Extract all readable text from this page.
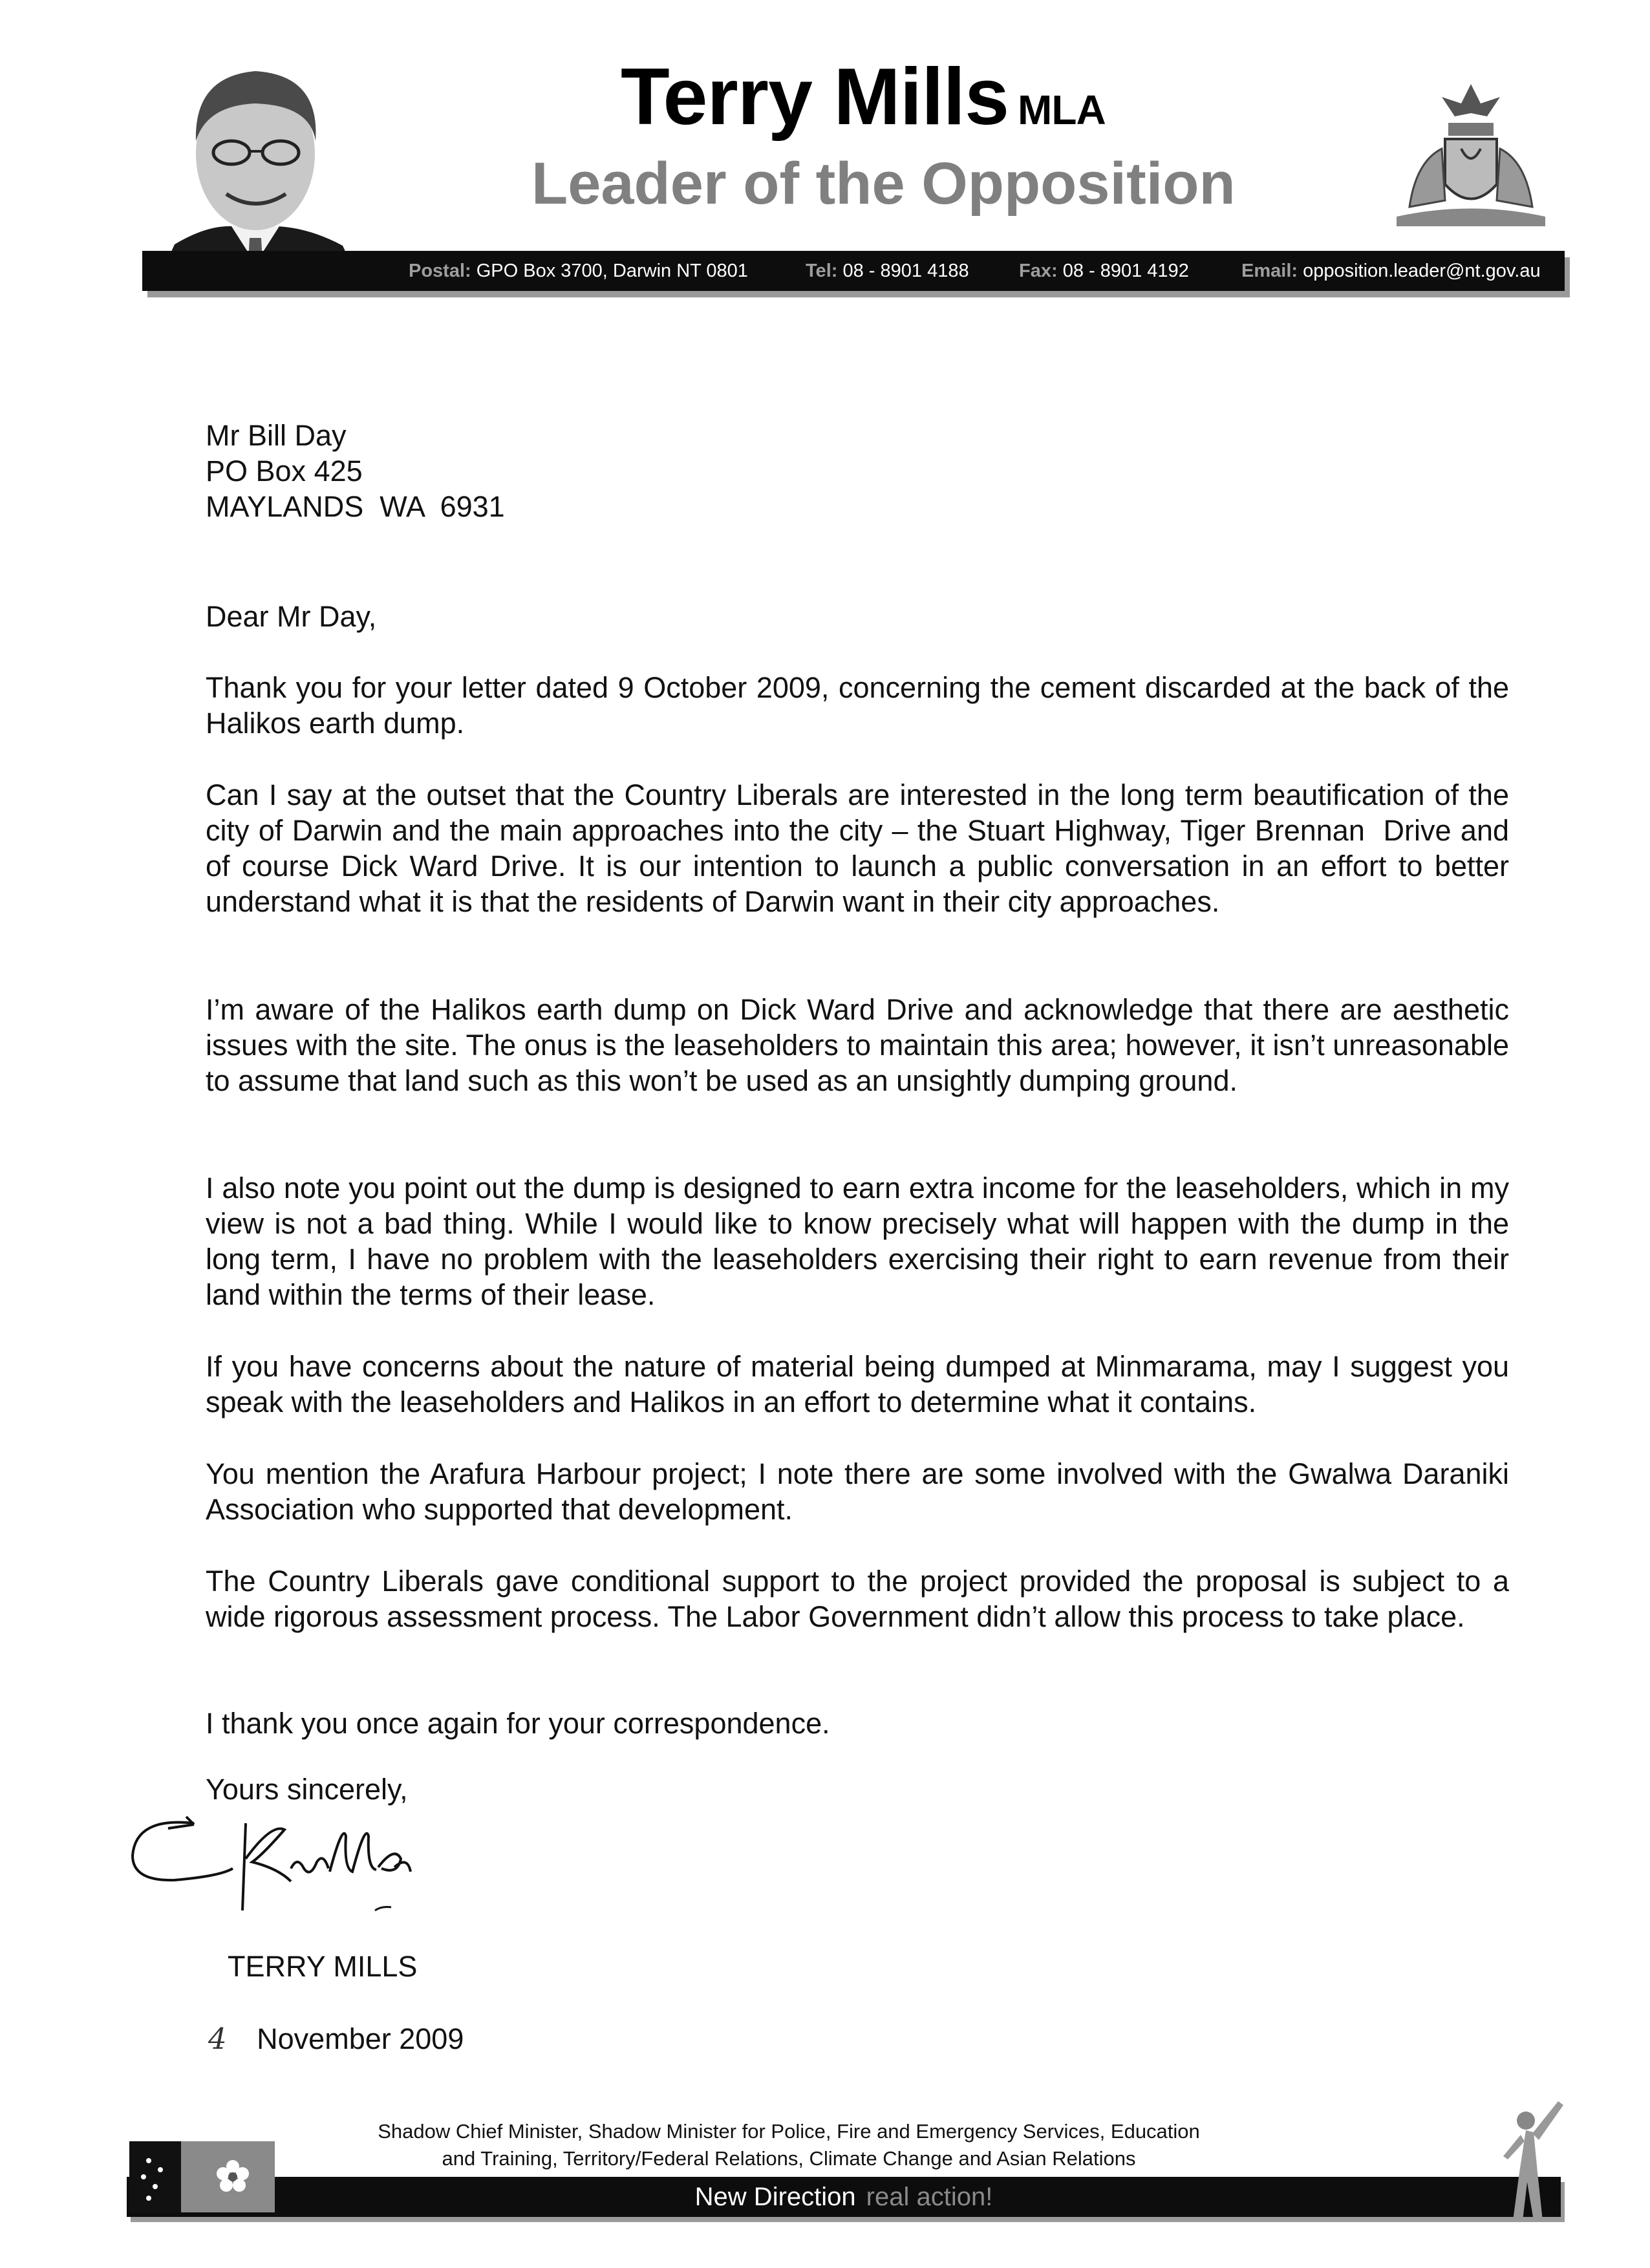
Terry Mills MLA
Leader of the Opposition
Postal: GPO Box 3700, Darwin NT 0801	Tel: 08 - 8901 4188	Fax: 08 - 8901 4192	Email: opposition.leader@nt.gov.au
Mr Bill Day
PO Box 425
MAYLANDS  WA  6931

Dear Mr Day,

Thank you for your letter dated 9 October 2009, concerning the cement discarded at the back of the Halikos earth dump.

Can I say at the outset that the Country Liberals are interested in the long term beautification of the city of Darwin and the main approaches into the city – the Stuart Highway, Tiger Brennan  Drive and of course Dick Ward Drive. It is our intention to launch a public conversation in an effort to better understand what it is that the residents of Darwin want in their city approaches.

I’m aware of the Halikos earth dump on Dick Ward Drive and acknowledge that there are aesthetic issues with the site. The onus is the leaseholders to maintain this area; however, it isn’t unreasonable to assume that land such as this won’t be used as an unsightly dumping ground.

I also note you point out the dump is designed to earn extra income for the leaseholders, which in my view is not a bad thing. While I would like to know precisely what will happen with the dump in the long term, I have no problem with the leaseholders exercising their right to earn revenue from their land within the terms of their lease.

If you have concerns about the nature of material being dumped at Minmarama, may I suggest you speak with the leaseholders and Halikos in an effort to determine what it contains.

You mention the Arafura Harbour project; I note there are some involved with the Gwalwa Daraniki Association who supported that development.

The Country Liberals gave conditional support to the project provided the proposal is subject to a wide rigorous assessment process. The Labor Government didn’t allow this process to take place.

I thank you once again for your correspondence.

Yours sincerely,

TERRY MILLS

4 November 2009
Shadow Chief Minister, Shadow Minister for Police, Fire and Emergency Services, Education
and Training, Territory/Federal Relations, Climate Change and Asian Relations
New Direction real action!
